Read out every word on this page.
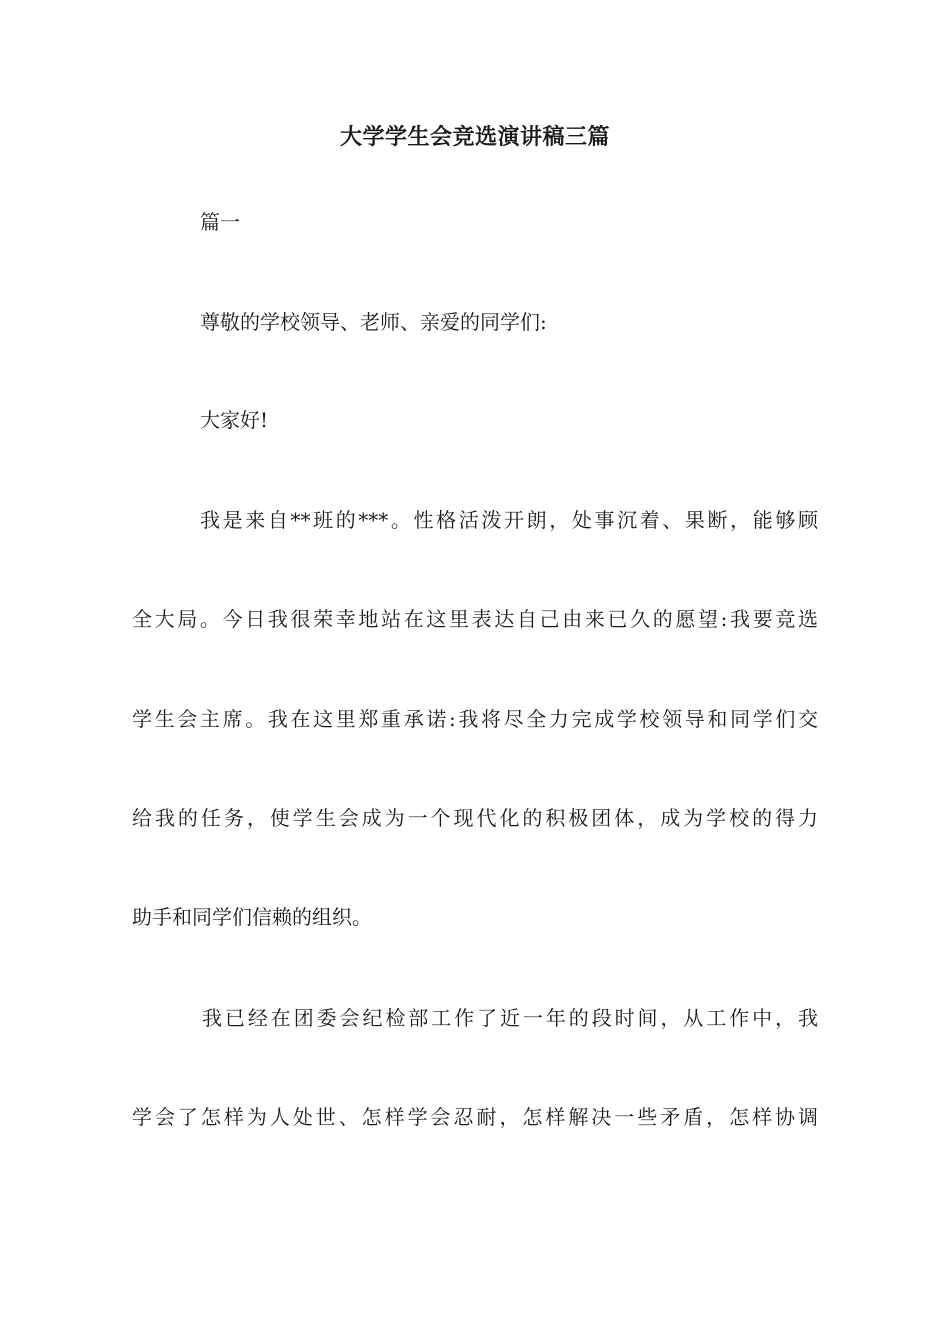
大学学生会竞选演讲稿三篇
篇一
尊敬的学校领导、老师、亲爱的同学们:
大家好!
我是来自**班的***。性格活泼开朗，处事沉着、果断，能够顾
全大局。今日我很荣幸地站在这里表达自己由来已久的愿望:我要竞选
学生会主席。我在这里郑重承诺:我将尽全力完成学校领导和同学们交
给我的任务，使学生会成为一个现代化的积极团体，成为学校的得力
助手和同学们信赖的组织。
我已经在团委会纪检部工作了近一年的段时间，从工作中，我
学会了怎样为人处世、怎样学会忍耐，怎样解决一些矛盾，怎样协调
